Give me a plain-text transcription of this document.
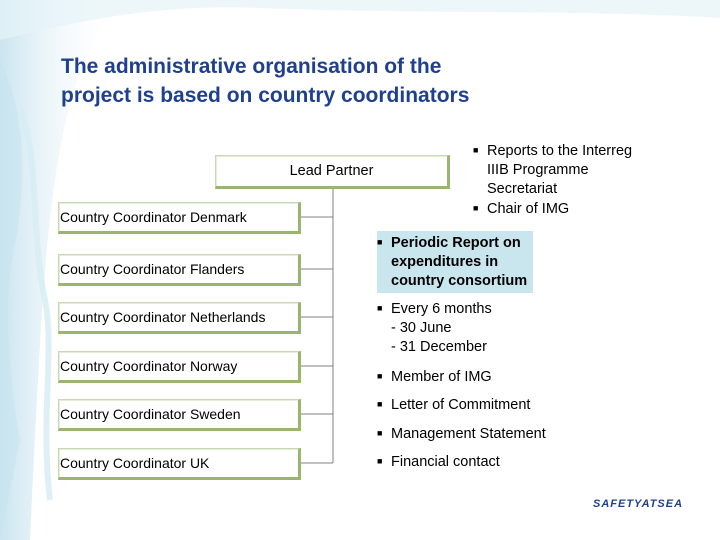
The administrative organisation of the
project is based on country coordinators
Lead Partner
Country Coordinator Denmark
Country Coordinator Flanders
Country Coordinator Netherlands
Country Coordinator Norway
Country Coordinator Sweden
Country Coordinator UK
■ Reports to the Interreg
IIIB Programme
Secretariat
■ Chair of IMG
■ Periodic Report on
expenditures in
country consortium
■ Every 6 months
- 30 June
- 31 December
■ Member of IMG
■ Letter of Commitment
■ Management Statement
■ Financial contact
SAFETYATSEA
